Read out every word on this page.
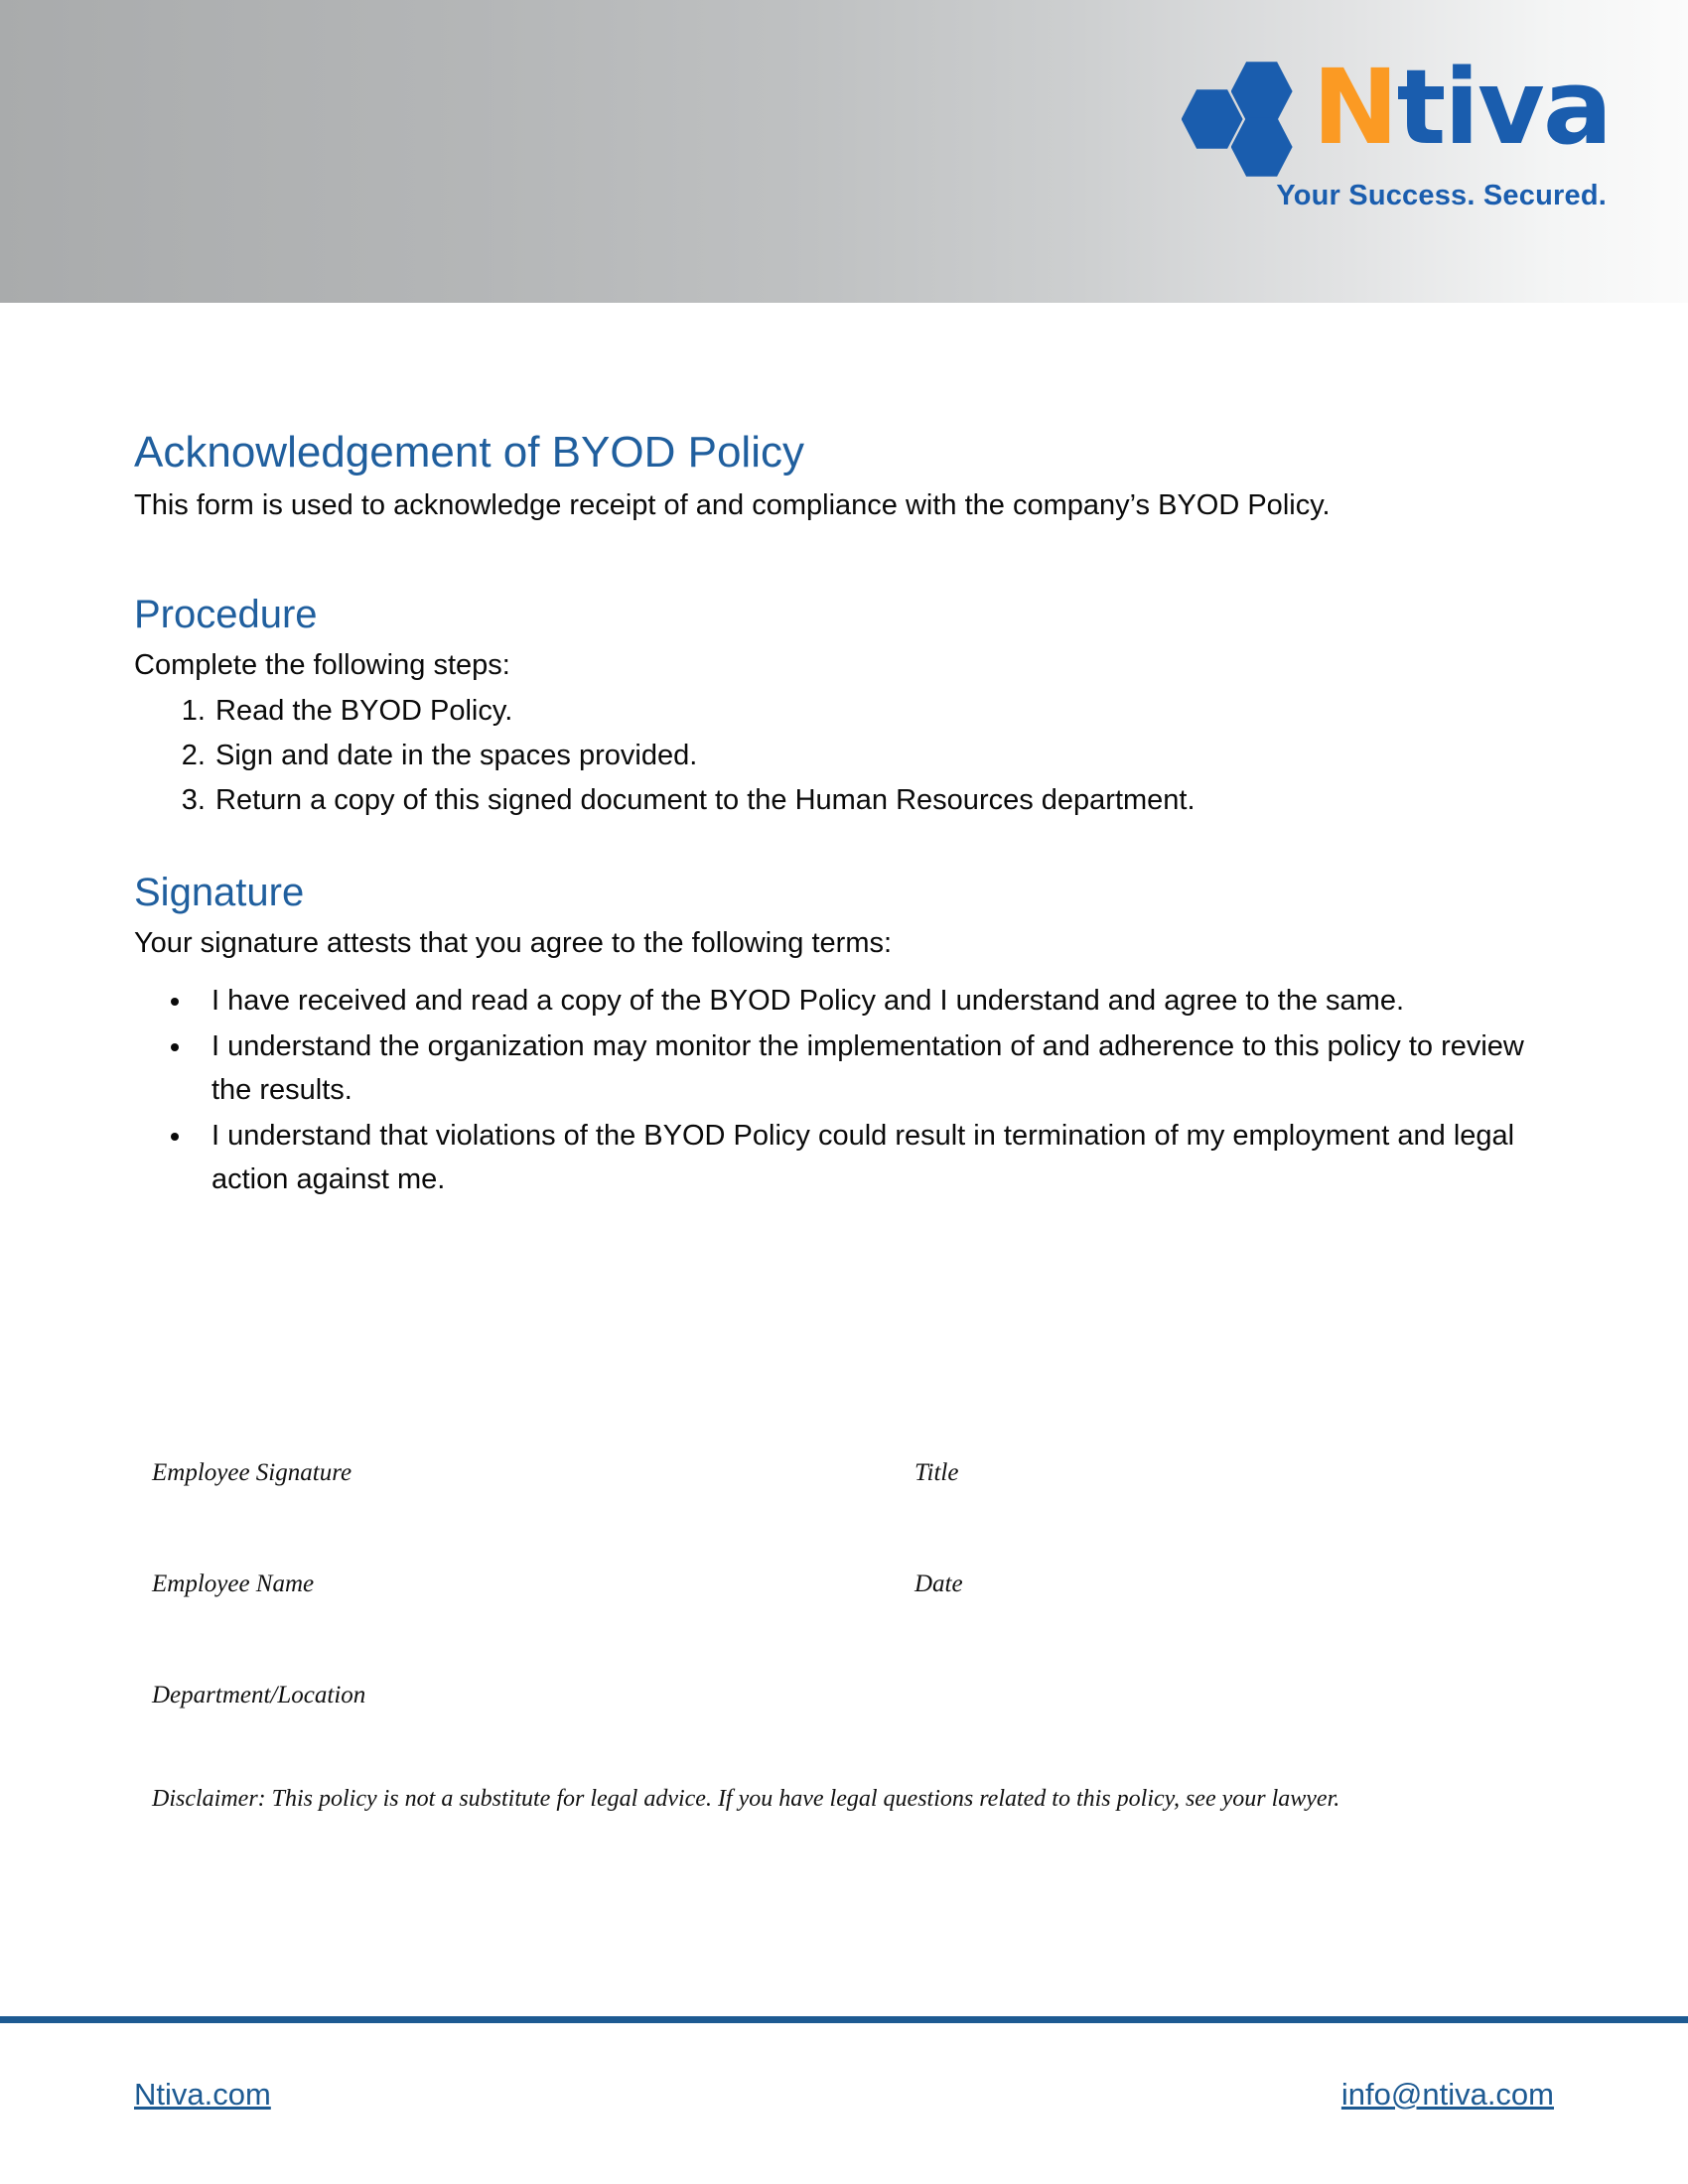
Ntiva
Your Success. Secured.
Acknowledgement of BYOD Policy

This form is used to acknowledge receipt of and compliance with the company’s BYOD Policy.

Procedure

Complete the following steps:

1. Read the BYOD Policy.
2. Sign and date in the spaces provided.
3. Return a copy of this signed document to the Human Resources department.
Signature

Your signature attests that you agree to the following terms:

• I have received and read a copy of the BYOD Policy and I understand and agree to the same.
• I understand the organization may monitor the implementation of and adherence to this policy to review the results.
• I understand that violations of the BYOD Policy could result in termination of my employment and legal action against me.
Employee Signature	Title
Employee Name	Date
Department/Location
Disclaimer: This policy is not a substitute for legal advice. If you have legal questions related to this policy, see your lawyer.
Ntiva.com	info@ntiva.com
